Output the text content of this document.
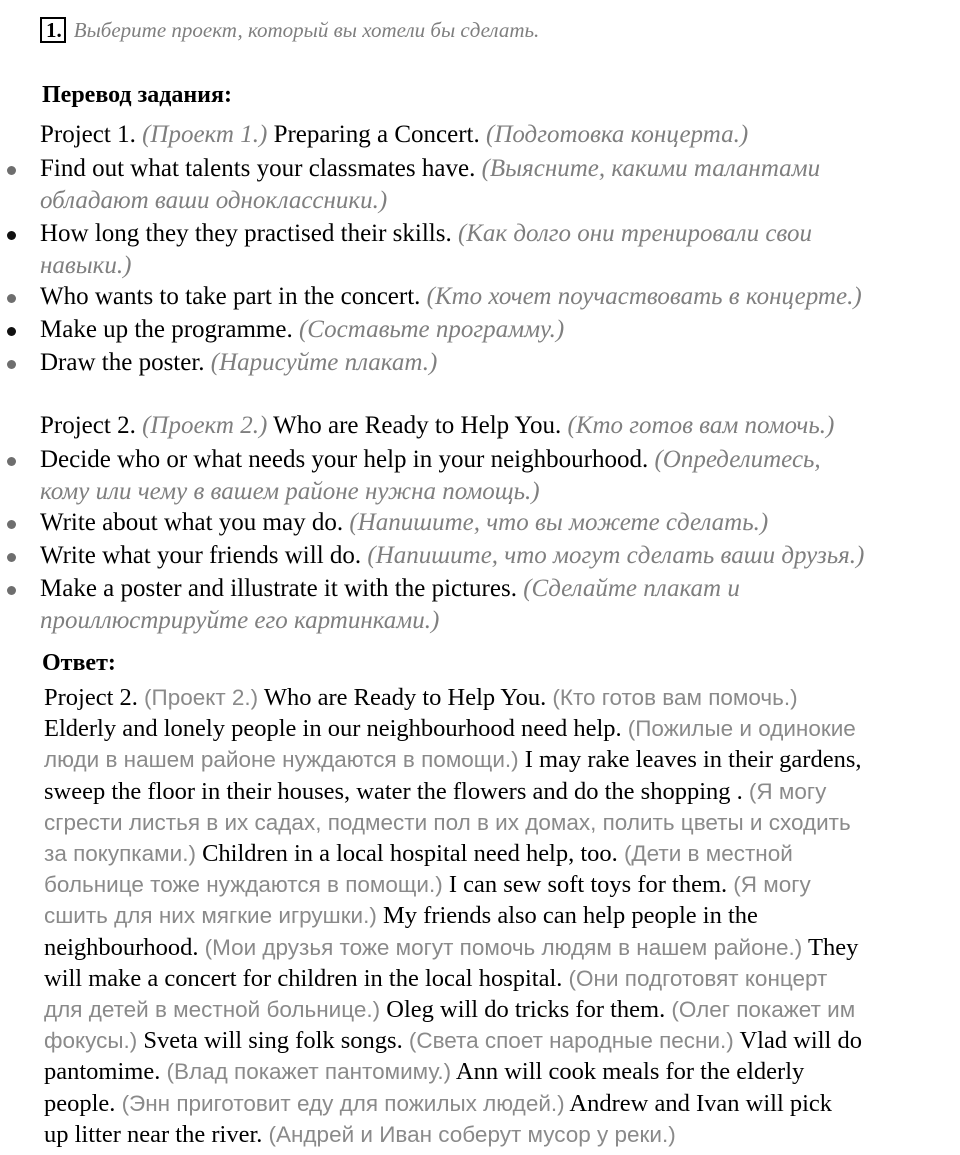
1. Выберите проект, который вы хотели бы сделать.
Перевод задания:
Project 1. (Проект 1.) Preparing a Concert. (Подготовка концерта.)
Find out what talents your classmates have. (Выясните, какими талантами
обладают ваши одноклассники.)
How long they they practised their skills. (Как долго они тренировали свои
навыки.)
Who wants to take part in the concert. (Кто хочет поучаствовать в концерте.)
Make up the programme. (Составьте программу.)
Draw the poster. (Нарисуйте плакат.)
Project 2. (Проект 2.) Who are Ready to Help You. (Кто готов вам помочь.)
Decide who or what needs your help in your neighbourhood. (Определитесь,
кому или чему в вашем районе нужна помощь.)
Write about what you may do. (Напишите, что вы можете сделать.)
Write what your friends will do. (Напишите, что могут сделать ваши друзья.)
Make a poster and illustrate it with the pictures. (Сделайте плакат и
проиллюстрируйте его картинками.)
Ответ:
Project 2. (Проект 2.) Who are Ready to Help You. (Кто готов вам помочь.)
Elderly and lonely people in our neighbourhood need help. (Пожилые и одинокие
люди в нашем районе нуждаются в помощи.) I may rake leaves in their gardens,
sweep the floor in their houses, water the flowers and do the shopping . (Я могу
сгрести листья в их садах, подмести пол в их домах, полить цветы и сходить
за покупками.) Children in a local hospital need help, too. (Дети в местной
больнице тоже нуждаются в помощи.) I can sew soft toys for them. (Я могу
сшить для них мягкие игрушки.) My friends also can help people in the
neighbourhood. (Мои друзья тоже могут помочь людям в нашем районе.) They
will make a concert for children in the local hospital. (Они подготовят концерт
для детей в местной больнице.) Oleg will do tricks for them. (Олег покажет им
фокусы.) Sveta will sing folk songs. (Света споет народные песни.) Vlad will do
pantomime. (Влад покажет пантомиму.) Ann will cook meals for the elderly
people. (Энн приготовит еду для пожилых людей.) Andrew and Ivan will pick
up litter near the river. (Андрей и Иван соберут мусор у реки.)
